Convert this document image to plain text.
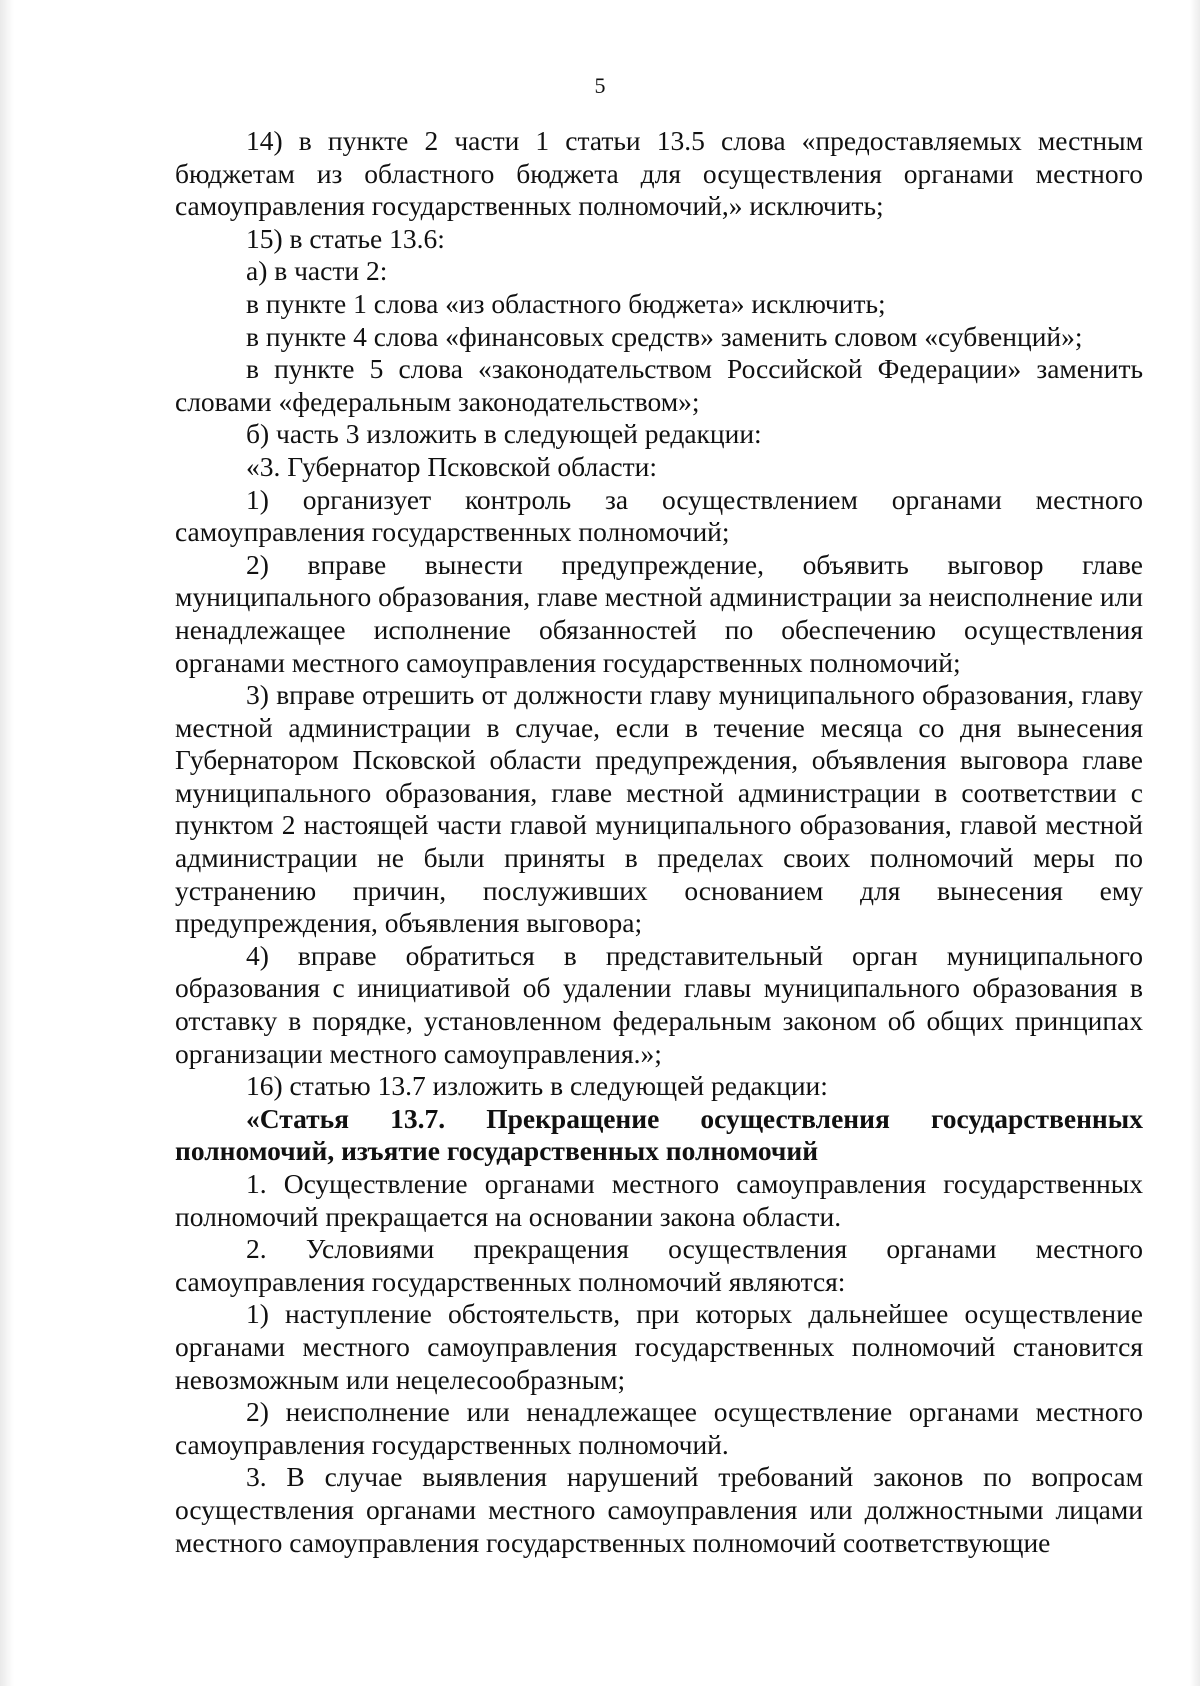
5

14) в пункте 2 части 1 статьи 13.5 слова «предоставляемых местным бюджетам из областного бюджета для осуществления органами местного самоуправления государственных полномочий,» исключить;

15) в статье 13.6:

а) в части 2:

в пункте 1 слова «из областного бюджета» исключить;

в пункте 4 слова «финансовых средств» заменить словом «субвенций»;

в пункте 5 слова «законодательством Российской Федерации» заменить словами «федеральным законодательством»;

б) часть 3 изложить в следующей редакции:

«3. Губернатор Псковской области:

1) организует контроль за осуществлением органами местного самоуправления государственных полномочий;

2) вправе вынести предупреждение, объявить выговор главе муниципального образования, главе местной администрации за неисполнение или ненадлежащее исполнение обязанностей по обеспечению осуществления органами местного самоуправления государственных полномочий;

3) вправе отрешить от должности главу муниципального образования, главу местной администрации в случае, если в течение месяца со дня вынесения Губернатором Псковской области предупреждения, объявления выговора главе муниципального образования, главе местной администрации в соответствии с пунктом 2 настоящей части главой муниципального образования, главой местной администрации не были приняты в пределах своих полномочий меры по устранению причин, послуживших основанием для вынесения ему предупреждения, объявления выговора;

4) вправе обратиться в представительный орган муниципального образования с инициативой об удалении главы муниципального образования в отставку в порядке, установленном федеральным законом об общих принципах организации местного самоуправления.»;

16) статью 13.7 изложить в следующей редакции:

«Статья 13.7. Прекращение осуществления государственных полномочий, изъятие государственных полномочий

1. Осуществление органами местного самоуправления государственных полномочий прекращается на основании закона области.

2. Условиями прекращения осуществления органами местного самоуправления государственных полномочий являются:

1) наступление обстоятельств, при которых дальнейшее осуществление органами местного самоуправления государственных полномочий становится невозможным или нецелесообразным;

2) неисполнение или ненадлежащее осуществление органами местного самоуправления государственных полномочий.

3. В случае выявления нарушений требований законов по вопросам осуществления органами местного самоуправления или должностными лицами местного самоуправления государственных полномочий соответствующие
